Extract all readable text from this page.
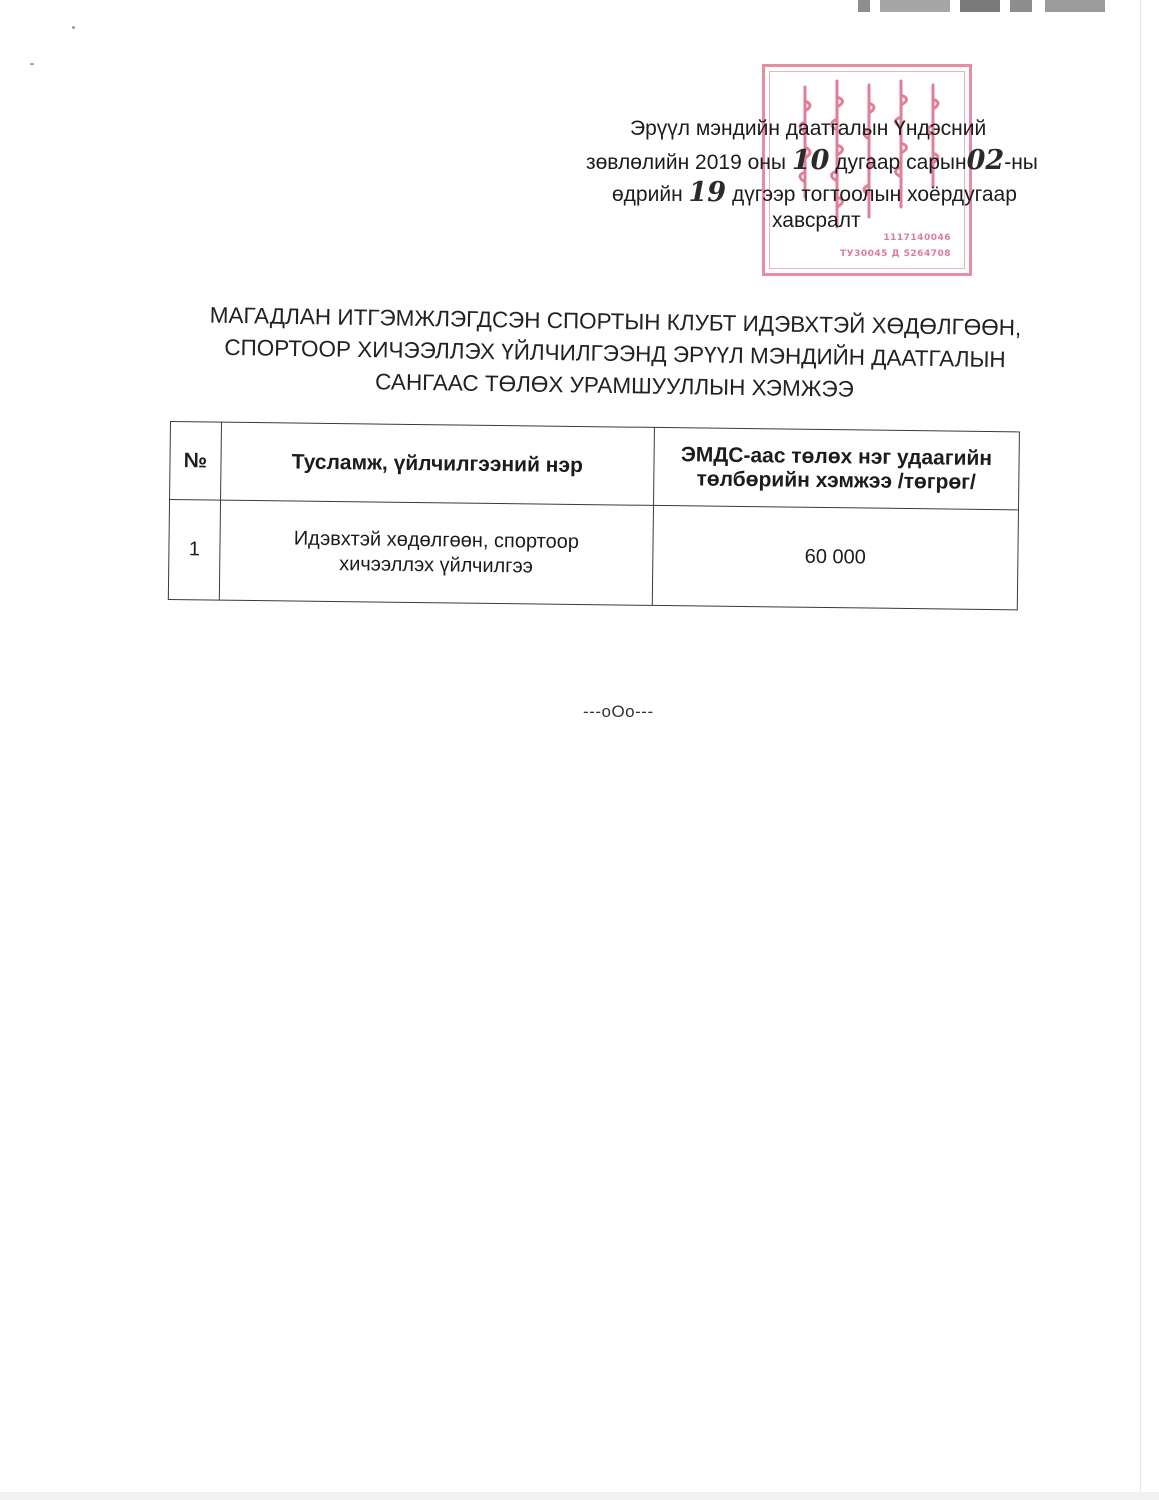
1117140046
ТУ30045 Д 5264708
Эрүүл мэндийн даатгалын Үндэсний
зөвлөлийн 2019 оны 10 дугаар сарын02-ны
өдрийн 19 дүгээр тогтоолын хоёрдугаар
хавсралт
МАГАДЛАН ИТГЭМЖЛЭГДСЭН СПОРТЫН КЛУБТ ИДЭВХТЭЙ ХӨДӨЛГӨӨН,
СПОРТООР ХИЧЭЭЛЛЭХ ҮЙЛЧИЛГЭЭНД ЭРҮҮЛ МЭНДИЙН ДААТГАЛЫН
САНГААС ТӨЛӨХ УРАМШУУЛЛЫН ХЭМЖЭЭ
№	Тусламж, үйлчилгээний нэр	ЭМДС-аас төлөх нэг удаагийн
төлбөрийн хэмжээ /төгрөг/

1	Идэвхтэй хөдөлгөөн, спортоор
хичээллэх үйлчилгээ	60 000
---oOo---
